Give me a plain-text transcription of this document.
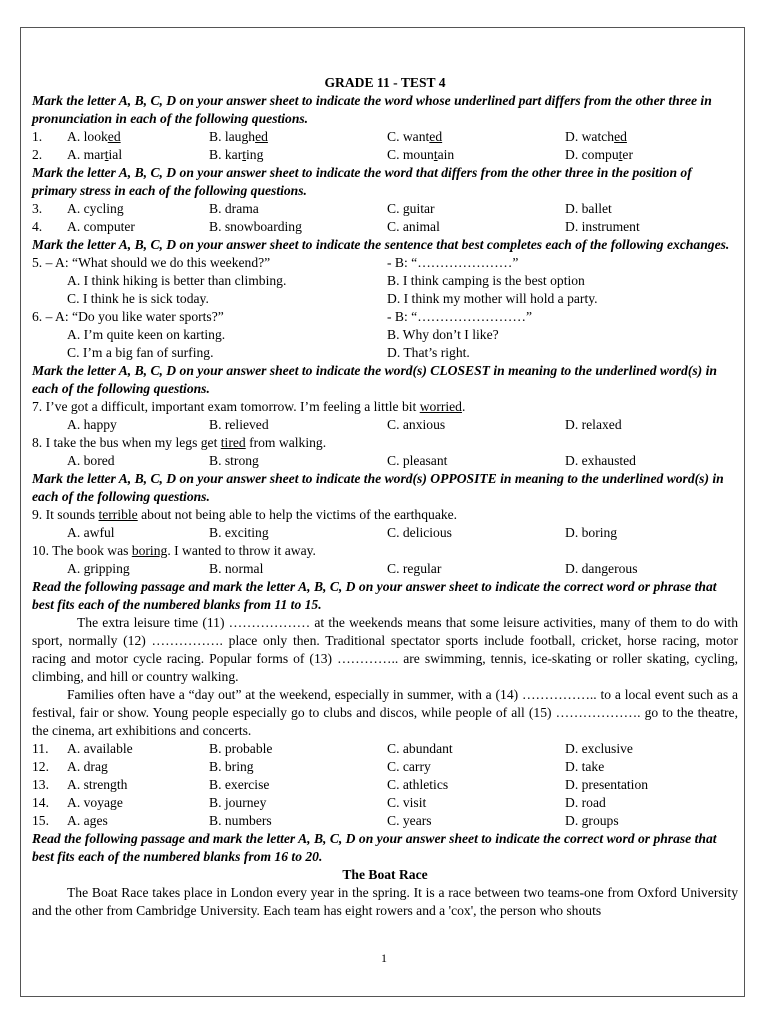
GRADE 11 - TEST 4
Mark the letter A, B, C, D on your answer sheet to indicate the word whose underlined part differs from the other three in pronunciation in each of the following questions.
1.	A. looked	B. laughed	C. wanted	D. watched
2.	A. martial	B. karting	C. mountain	D. computer
Mark the letter A, B, C, D on your answer sheet to indicate the word that differs from the other three in the position of primary stress in each of the following questions.
3.	A. cycling	B. drama	C. guitar	D. ballet
4.	A. computer	B. snowboarding	C. animal	D. instrument
Mark the letter A, B, C, D on your answer sheet to indicate the sentence that best completes each of the following exchanges.
5. – A: “What should we do this weekend?”	- B: “…………………”
A. I think hiking is better than climbing.	B. I think camping is the best option
C. I think he is sick today.	D. I think my mother will hold a party.
6. – A: “Do you like water sports?”	- B: “……………………”
A. I’m quite keen on karting.	B. Why don’t I like?
C. I’m a big fan of surfing.	D. That’s right.
Mark the letter A, B, C, D on your answer sheet to indicate the word(s) CLOSEST in meaning to the underlined word(s) in each of the following questions.
7. I’ve got a difficult, important exam tomorrow. I’m feeling a little bit worried.
A. happy	B. relieved	C. anxious	D. relaxed
8. I take the bus when my legs get tired from walking.
A. bored	B. strong	C. pleasant	D. exhausted
Mark the letter A, B, C, D on your answer sheet to indicate the word(s) OPPOSITE in meaning to the underlined word(s) in each of the following questions.
9. It sounds terrible about not being able to help the victims of the earthquake.
A. awful	B. exciting	C. delicious	D. boring
10. The book was boring. I wanted to throw it away.
A. gripping	B. normal	C. regular	D. dangerous
Read the following passage and mark the letter A, B, C, D on your answer sheet to indicate the correct word or phrase that best fits each of the numbered blanks from 11 to 15.

The extra leisure time (11) ……………… at the weekends means that some leisure activities, many of them to do with sport, normally (12) ……………. place only then. Traditional spectator sports include football, cricket, horse racing, motor racing and motor cycle racing. Popular forms of (13) ………….. are swimming, tennis, ice-skating or roller skating, cycling, climbing, and hill or country walking.

Families often have a “day out” at the weekend, especially in summer, with a (14) …………….. to a local event such as a festival, fair or show. Young people especially go to clubs and discos, while people of all (15) ………………. go to the theatre, the cinema, art exhibitions and concerts.

11.	A. available	B. probable	C. abundant	D. exclusive
12.	A. drag	B. bring	C. carry	D. take
13.	A. strength	B. exercise	C. athletics	D. presentation
14.	A. voyage	B. journey	C. visit	D. road
15.	A. ages	B. numbers	C. years	D. groups
Read the following passage and mark the letter A, B, C, D on your answer sheet to indicate the correct word or phrase that best fits each of the numbered blanks from 16 to 20.
The Boat Race

The Boat Race takes place in London every year in the spring. It is a race between two teams-one from Oxford University and the other from Cambridge University. Each team has eight rowers and a 'cox', the person who shouts

1
